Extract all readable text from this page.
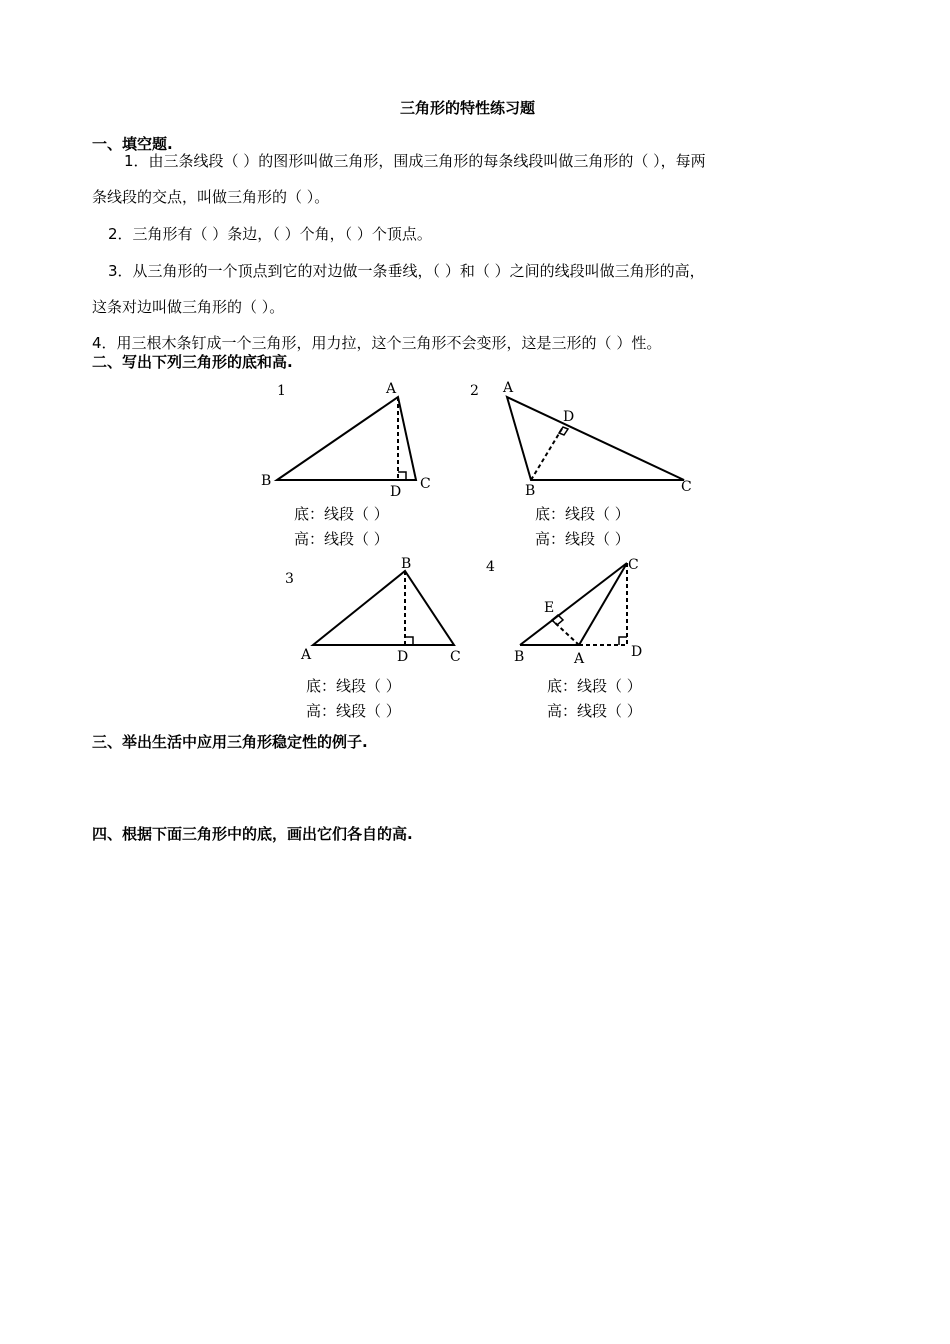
三角形的特性练习题
一、填空题.
1．由三条线段（ ）的图形叫做三角形，围成三角形的每条线段叫做三角形的（ ），每两
条线段的交点，叫做三角形的（ ）。
2．三角形有（ ）条边，（ ）个角，（ ）个顶点。
3．从三角形的一个顶点到它的对边做一条垂线，（ ）和（ ）之间的线段叫做三角形的高，
这条对边叫做三角形的（ ）。
4．用三根木条钉成一个三角形，用力拉，这个三角形不会变形，这是三形的（ ）性。
二、写出下列三角形的底和高.
1	A
B	C
D
底：线段（ ）
高：线段（ ）
2 A
B	C
D
底：线段（ ）
高：线段（ ）
3
A
B
C
D
底：线段（ ）
高：线段（ ）
4
A
B
C
D
E
底：线段（ ）
高：线段（ ）
三、举出生活中应用三角形稳定性的例子.
四、根据下面三角形中的底，画出它们各自的高.
